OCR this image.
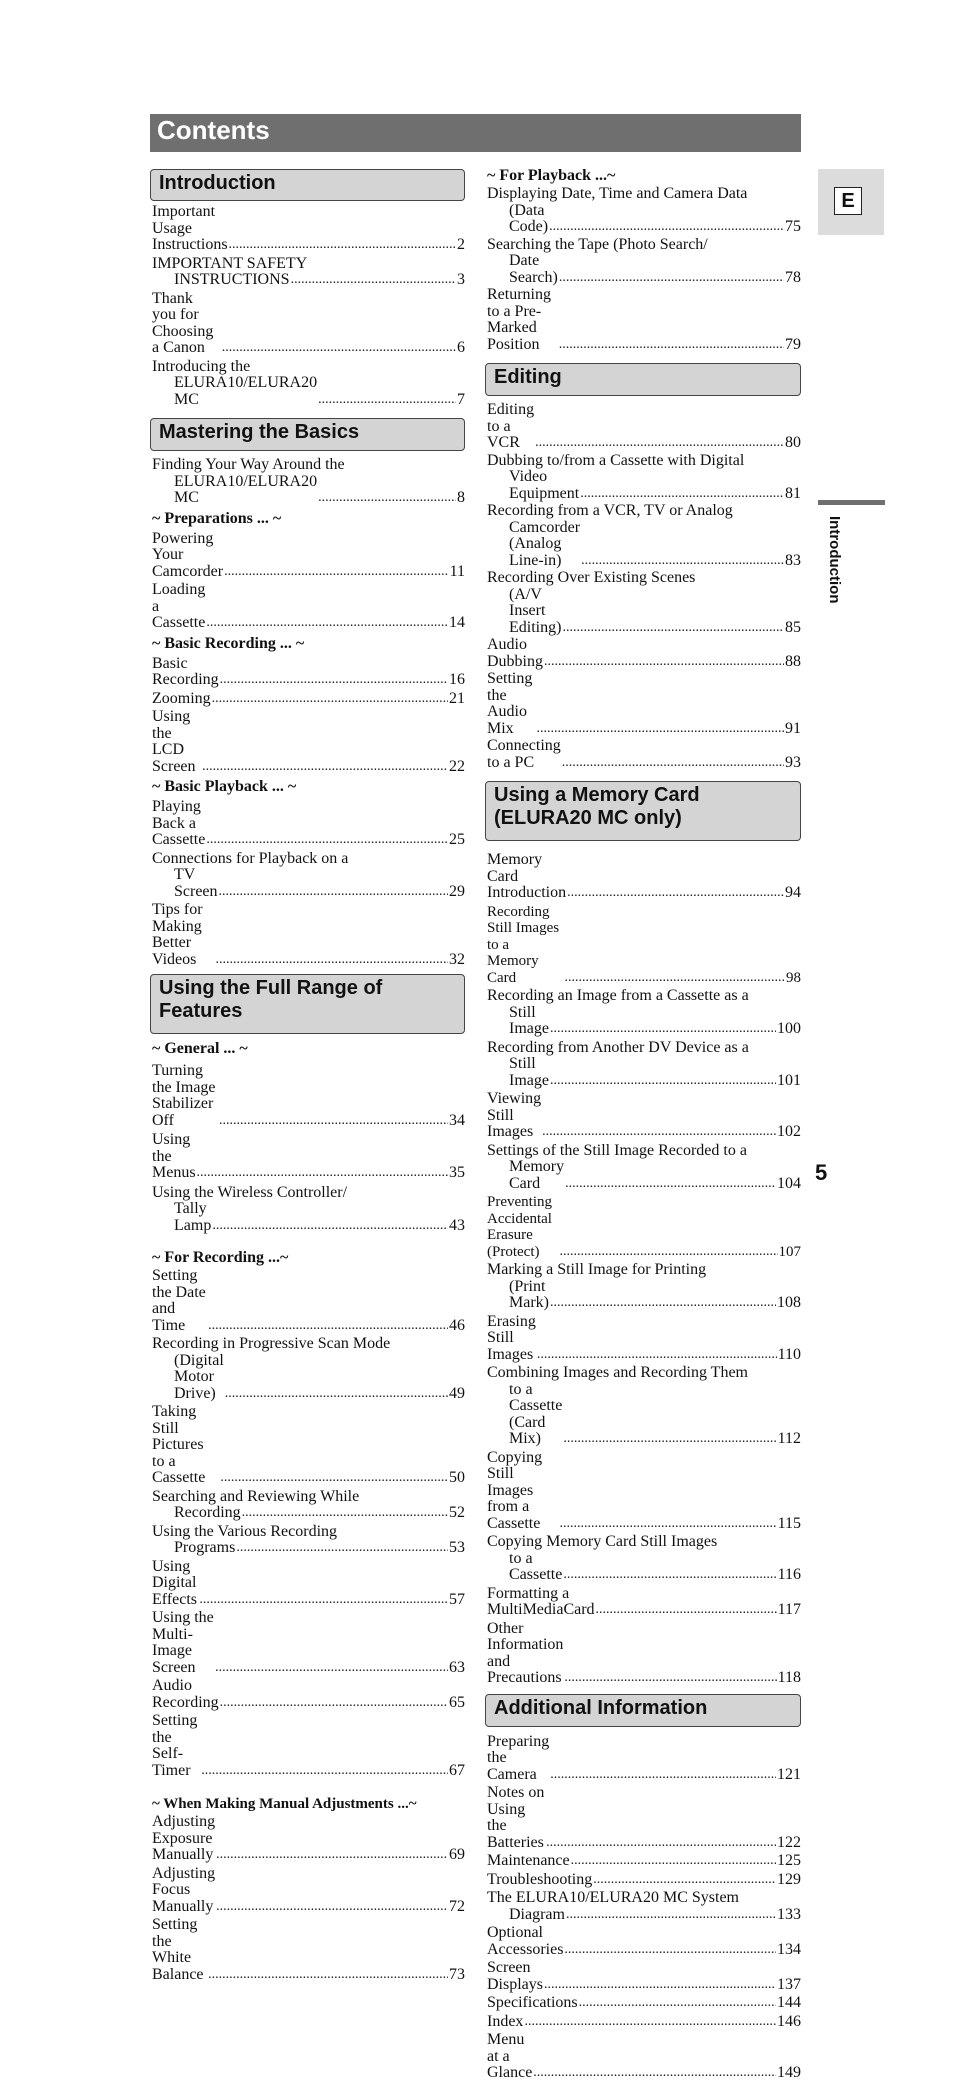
Contents
E
Introduction
5
Introduction
Important Usage Instructions .....	2
IMPORTANT SAFETY
INSTRUCTIONS .....	3
Thank you for Choosing a Canon .....	6
Introducing the
ELURA10/ELURA20 MC .....	7
Mastering the Basics
Finding Your Way Around the
ELURA10/ELURA20 MC .....	8
~ Preparations ... ~
Powering Your Camcorder .....	11
Loading a Cassette .....	14
~ Basic Recording ... ~
Basic Recording .....	16
Zooming .....	21
Using the LCD Screen .....	22
~ Basic Playback ... ~
Playing Back a Cassette .....	25
Connections for Playback on a
TV Screen .....	29
Tips for Making Better Videos .....	32
Using the Full Range of
Features
~ General ... ~
Turning the Image Stabilizer Off .....	34
Using the Menus .....	35
Using the Wireless Controller/
Tally Lamp .....	43
~ For Recording ...~
Setting the Date and Time .....	46
Recording in Progressive Scan Mode
(Digital Motor Drive) .....	49
Taking Still Pictures to a Cassette .....	50
Searching and Reviewing While
Recording .....	52
Using the Various Recording
Programs .....	53
Using Digital Effects .....	57
Using the Multi-Image Screen .....	63
Audio Recording .....	65
Setting the Self-Timer .....	67
~ When Making Manual Adjustments ...~
Adjusting Exposure Manually .....	69
Adjusting Focus Manually .....	72
Setting the White Balance .....	73
~ For Playback ...~
Displaying Date, Time and Camera Data
(Data Code) .....	75
Searching the Tape (Photo Search/
Date Search) .....	78
Returning to a Pre-Marked Position .....	79
Editing
Editing to a VCR .....	80
Dubbing to/from a Cassette with Digital
Video Equipment .....	81
Recording from a VCR, TV or Analog
Camcorder (Analog Line-in) .....	83
Recording Over Existing Scenes
(A/V Insert Editing) .....	85
Audio Dubbing .....	88
Setting the Audio Mix .....	91
Connecting to a PC .....	93
Using a Memory Card
(ELURA20 MC only)
Memory Card Introduction .....	94
Recording Still Images to a Memory Card .....	98
Recording an Image from a Cassette as a
Still Image .....	100
Recording from Another DV Device as a
Still Image .....	101
Viewing Still Images .....	102
Settings of the Still Image Recorded to a
Memory Card .....	104
Preventing Accidental Erasure (Protect) .....	107
Marking a Still Image for Printing
(Print Mark) .....	108
Erasing Still Images .....	110
Combining Images and Recording Them
to a Cassette (Card Mix) .....	112
Copying Still Images from a Cassette .....	115
Copying Memory Card Still Images
to a Cassette .....	116
Formatting a MultiMediaCard .....	117
Other Information and Precautions .....	118
Additional Information
Preparing the Camera .....	121
Notes on Using the Batteries .....	122
Maintenance .....	125
Troubleshooting .....	129
The ELURA10/ELURA20 MC System
Diagram .....	133
Optional Accessories .....	134
Screen Displays .....	137
Specifications .....	144
Index .....	146
Menu at a Glance .....	149
